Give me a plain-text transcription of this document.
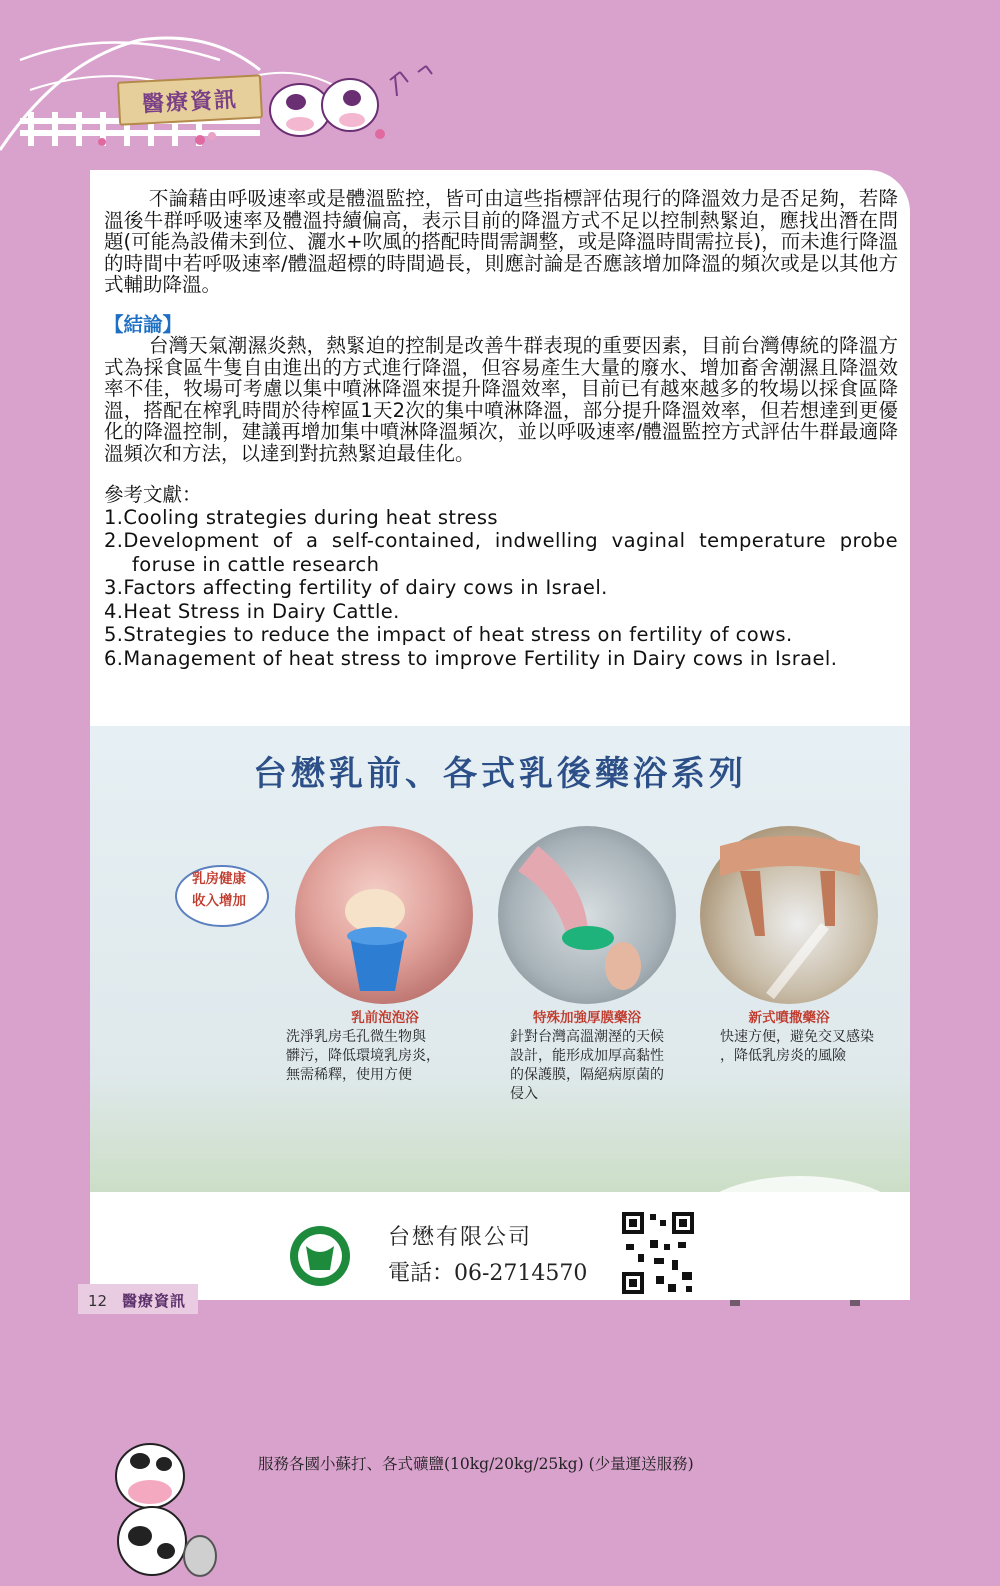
醫療資訊

不論藉由呼吸速率或是體溫監控，皆可由這些指標評估現行的降溫效力是否足夠，若降溫後牛群呼吸速率及體溫持續偏高，表示目前的降溫方式不足以控制熱緊迫，應找出潛在問題(可能為設備未到位、灑水+吹風的搭配時間需調整，或是降溫時間需拉長)，而未進行降溫的時間中若呼吸速率/體溫超標的時間過長，則應討論是否應該增加降溫的頻次或是以其他方式輔助降溫。

【結論】

台灣天氣潮濕炎熱，熱緊迫的控制是改善牛群表現的重要因素，目前台灣傳統的降溫方式為採食區牛隻自由進出的方式進行降溫，但容易產生大量的廢水、增加畜舍潮濕且降溫效率不佳，牧場可考慮以集中噴淋降溫來提升降溫效率，目前已有越來越多的牧場以採食區降溫，搭配在榨乳時間於待榨區1天2次的集中噴淋降溫，部分提升降溫效率，但若想達到更優化的降溫控制，建議再增加集中噴淋降溫頻次，並以呼吸速率/體溫監控方式評估牛群最適降溫頻次和方法，以達到對抗熱緊迫最佳化。

參考文獻：

1.Cooling strategies during heat stress

2.Development of a self-contained, indwelling vaginal temperature probe

foruse in cattle research

3.Factors affecting fertility of dairy cows in Israel.

4.Heat Stress in Dairy Cattle.

5.Strategies to reduce the impact of heat stress on fertility of cows.

6.Management of heat stress to improve Fertility in Dairy cows in Israel.

台懋乳前、各式乳後藥浴系列
乳前泡泡浴	特殊加強厚膜藥浴	新式噴撒藥浴
洗淨乳房毛孔微生物與
髒污，降低環境乳房炎，
無需稀釋，使用方便
針對台灣高溫潮溼的天候
設計，能形成加厚高黏性
的保護膜，隔絕病原菌的
侵入
快速方便，避免交叉感染
，降低乳房炎的風險
服務各國小蘇打、各式礦鹽(10kg/20kg/25kg) (少量運送服務)
乳房健康
收入增加
台懋有限公司
電話：06-2714570
12 醫療資訊
